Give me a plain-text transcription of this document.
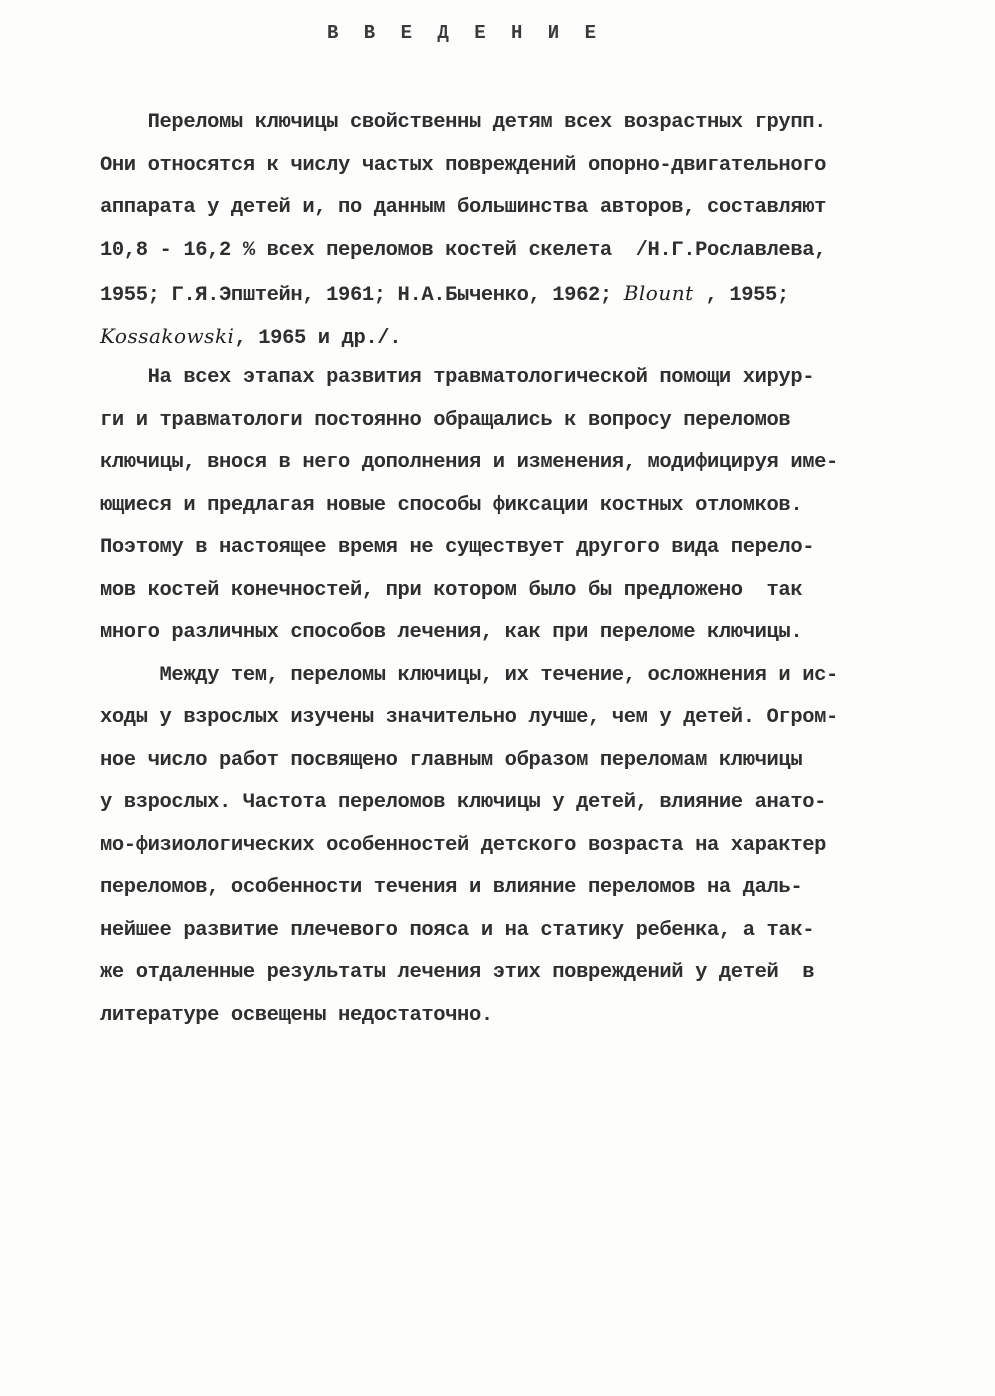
В В Е Д Е Н И Е
Переломы ключицы свойственны детям всех возрастных групп.
Они относятся к числу частых повреждений опорно-двигательного
аппарата у детей и, по данным большинства авторов, составляют
10,8 - 16,2 % всех переломов костей скелета  /Н.Г.Рославлева,
1955; Г.Я.Эпштейн, 1961; Н.А.Быченко, 1962; Blount , 1955;
Kossakowski, 1965 и др./.
На всех этапах развития травматологической помощи хирур-
ги и травматологи постоянно обращались к вопросу переломов
ключицы, внося в него дополнения и изменения, модифицируя име-
ющиеся и предлагая новые способы фиксации костных отломков.
Поэтому в настоящее время не существует другого вида перело-
мов костей конечностей, при котором было бы предложено  так
много различных способов лечения, как при переломе ключицы.
Между тем, переломы ключицы, их течение, осложнения и ис-
ходы у взрослых изучены значительно лучше, чем у детей. Огром-
ное число работ посвящено главным образом переломам ключицы
у взрослых. Частота переломов ключицы у детей, влияние анато-
мо-физиологических особенностей детского возраста на характер
переломов, особенности течения и влияние переломов на даль-
нейшее развитие плечевого пояса и на статику ребенка, а так-
же отдаленные результаты лечения этих повреждений у детей  в
литературе освещены недостаточно.
